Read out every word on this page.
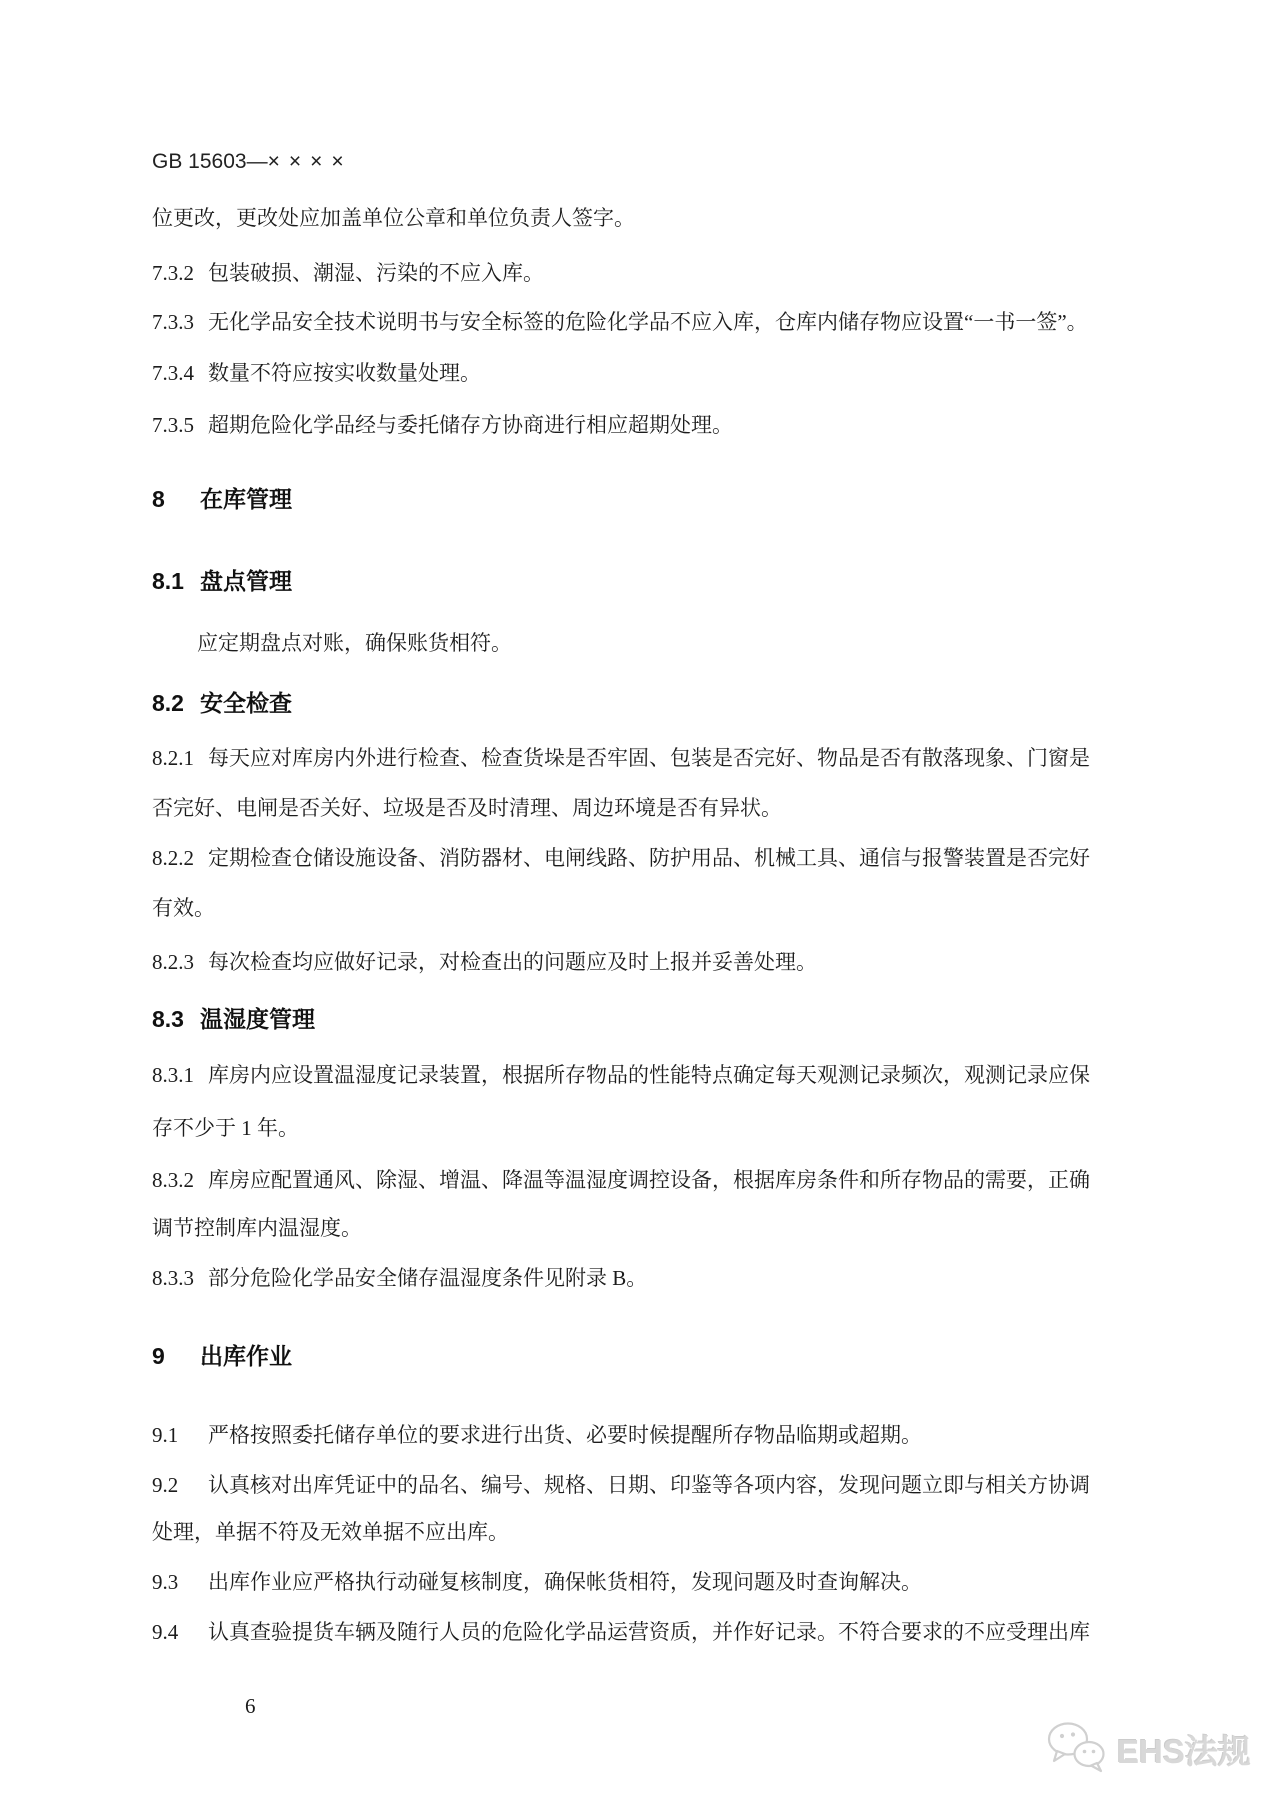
GB 15603—××××
位更改，更改处应加盖单位公章和单位负责人签字。
7.3.2 包装破损、潮湿、污染的不应入库。
7.3.3 无化学品安全技术说明书与安全标签的危险化学品不应入库，仓库内储存物应设置“一书一签”。
7.3.4 数量不符应按实收数量处理。
7.3.5 超期危险化学品经与委托储存方协商进行相应超期处理。
8 在库管理
8.1 盘点管理
应定期盘点对账，确保账货相符。
8.2 安全检查
8.2.1 每天应对库房内外进行检查、检查货垛是否牢固、包装是否完好、物品是否有散落现象、门窗是
否完好、电闸是否关好、垃圾是否及时清理、周边环境是否有异状。
8.2.2 定期检查仓储设施设备、消防器材、电闸线路、防护用品、机械工具、通信与报警装置是否完好
有效。
8.2.3 每次检查均应做好记录，对检查出的问题应及时上报并妥善处理。
8.3 温湿度管理
8.3.1 库房内应设置温湿度记录装置，根据所存物品的性能特点确定每天观测记录频次，观测记录应保
存不少于 1 年。
8.3.2 库房应配置通风、除湿、增温、降温等温湿度调控设备，根据库房条件和所存物品的需要，正确
调节控制库内温湿度。
8.3.3 部分危险化学品安全储存温湿度条件见附录 B。
9 出库作业
9.1 严格按照委托储存单位的要求进行出货、必要时候提醒所存物品临期或超期。
9.2 认真核对出库凭证中的品名、编号、规格、日期、印鉴等各项内容，发现问题立即与相关方协调
处理，单据不符及无效单据不应出库。
9.3 出库作业应严格执行动碰复核制度，确保帐货相符，发现问题及时查询解决。
9.4 认真查验提货车辆及随行人员的危险化学品运营资质，并作好记录。不符合要求的不应受理出库
6
EHS法规
